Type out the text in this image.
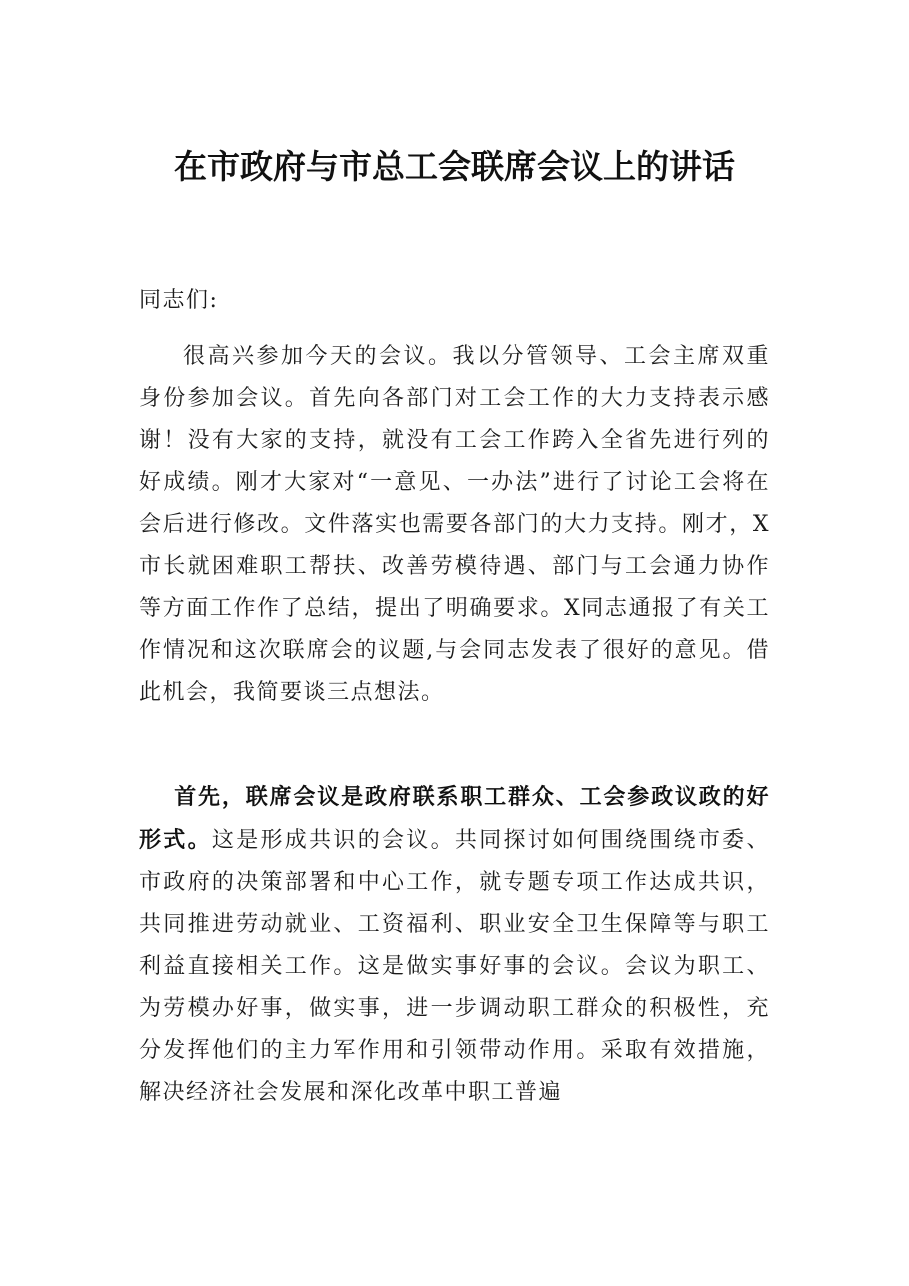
在市政府与市总工会联席会议上的讲话
同志们:

很高兴参加今天的会议。我以分管领导、工会主席双重身份参加会议。首先向各部门对工会工作的大力支持表示感谢！没有大家的支持，就没有工会工作跨入全省先进行列的好成绩。刚才大家对“一意见、一办法”进行了讨论工会将在会后进行修改。文件落实也需要各部门的大力支持。刚才，X市长就困难职工帮扶、改善劳模待遇、部门与工会通力协作等方面工作作了总结，提出了明确要求。X同志通报了有关工作情况和这次联席会的议题,与会同志发表了很好的意见。借此机会，我简要谈三点想法。

首先，联席会议是政府联系职工群众、工会参政议政的好形式。这是形成共识的会议。共同探讨如何围绕围绕市委、市政府的决策部署和中心工作，就专题专项工作达成共识，共同推进劳动就业、工资福利、职业安全卫生保障等与职工利益直接相关工作。这是做实事好事的会议。会议为职工、为劳模办好事，做实事，进一步调动职工群众的积极性，充分发挥他们的主力军作用和引领带动作用。采取有效措施，解决经济社会发展和深化改革中职工普遍
